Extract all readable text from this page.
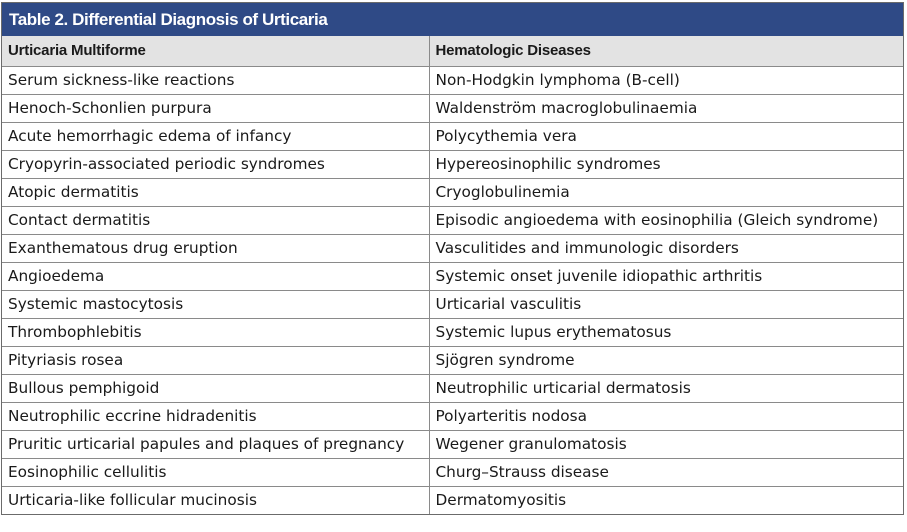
Table 2. Differential Diagnosis of Urticaria
Urticaria Multiforme	Hematologic Diseases
Serum sickness-like reactions	Non-Hodgkin lymphoma (B-cell)
Henoch-Schonlien purpura	Waldenström macroglobulinaemia
Acute hemorrhagic edema of infancy	Polycythemia vera
Cryopyrin-associated periodic syndromes	Hypereosinophilic syndromes
Atopic dermatitis	Cryoglobulinemia
Contact dermatitis	Episodic angioedema with eosinophilia (Gleich syndrome)
Exanthematous drug eruption	Vasculitides and immunologic disorders
Angioedema	Systemic onset juvenile idiopathic arthritis
Systemic mastocytosis	Urticarial vasculitis
Thrombophlebitis	Systemic lupus erythematosus
Pityriasis rosea	Sjögren syndrome
Bullous pemphigoid	Neutrophilic urticarial dermatosis
Neutrophilic eccrine hidradenitis	Polyarteritis nodosa
Pruritic urticarial papules and plaques of pregnancy	Wegener granulomatosis
Eosinophilic cellulitis	Churg–Strauss disease
Urticaria-like follicular mucinosis	Dermatomyositis
